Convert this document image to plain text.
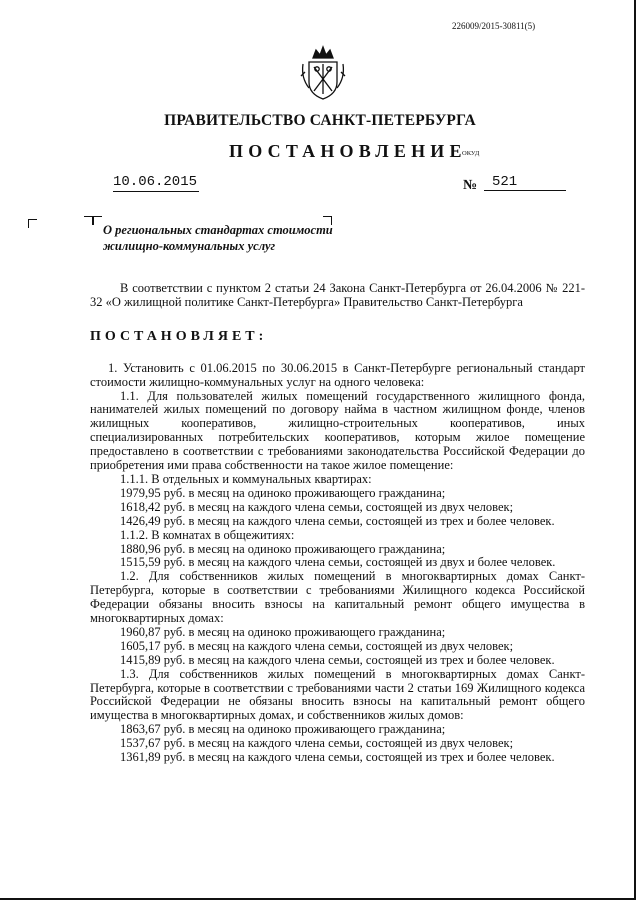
226009/2015-30811(5)
ПРАВИТЕЛЬСТВО САНКТ-ПЕТЕРБУРГА
ПОСТАНОВЛЕНИЕ
ОКУД
10.06.2015	№	521
О региональных стандартах стоимости жилищно-коммунальных услуг

В соответствии с пунктом 2 статьи 24 Закона Санкт-Петербурга от 26.04.2006 № 221-32 «О жилищной политике Санкт-Петербурга» Правительство Санкт-Петербурга

ПОСТАНОВЛЯЕТ:

1. Установить с 01.06.2015 по 30.06.2015 в Санкт-Петербурге региональный стандарт стоимости жилищно-коммунальных услуг на одного человека:

1.1. Для пользователей жилых помещений государственного жилищного фонда, нанимателей жилых помещений по договору найма в частном жилищном фонде, членов жилищных кооперативов, жилищно-строительных кооперативов, иных специализированных потребительских кооперативов, которым жилое помещение предоставлено в соответствии с требованиями законодательства Российской Федерации до приобретения ими права собственности на такое жилое помещение:

1.1.1. В отдельных и коммунальных квартирах:

1979,95 руб. в месяц на одиноко проживающего гражданина;

1618,42 руб. в месяц на каждого члена семьи, состоящей из двух человек;

1426,49 руб. в месяц на каждого члена семьи, состоящей из трех и более человек.

1.1.2. В комнатах в общежитиях:

1880,96 руб. в месяц на одиноко проживающего гражданина;

1515,59 руб. в месяц на каждого члена семьи, состоящей из двух и более человек.

1.2. Для собственников жилых помещений в многоквартирных домах Санкт-Петербурга, которые в соответствии с требованиями Жилищного кодекса Российской Федерации обязаны вносить взносы на капитальный ремонт общего имущества в многоквартирных домах:

1960,87 руб. в месяц на одиноко проживающего гражданина;

1605,17 руб. в месяц на каждого члена семьи, состоящей из двух человек;

1415,89 руб. в месяц на каждого члена семьи, состоящей из трех и более человек.

1.3. Для собственников жилых помещений в многоквартирных домах Санкт-Петербурга, которые в соответствии с требованиями части 2 статьи 169 Жилищного кодекса Российской Федерации не обязаны вносить взносы на капитальный ремонт общего имущества в многоквартирных домах, и собственников жилых домов:

1863,67 руб. в месяц на одиноко проживающего гражданина;

1537,67 руб. в месяц на каждого члена семьи, состоящей из двух человек;

1361,89 руб. в месяц на каждого члена семьи, состоящей из трех и более человек.
